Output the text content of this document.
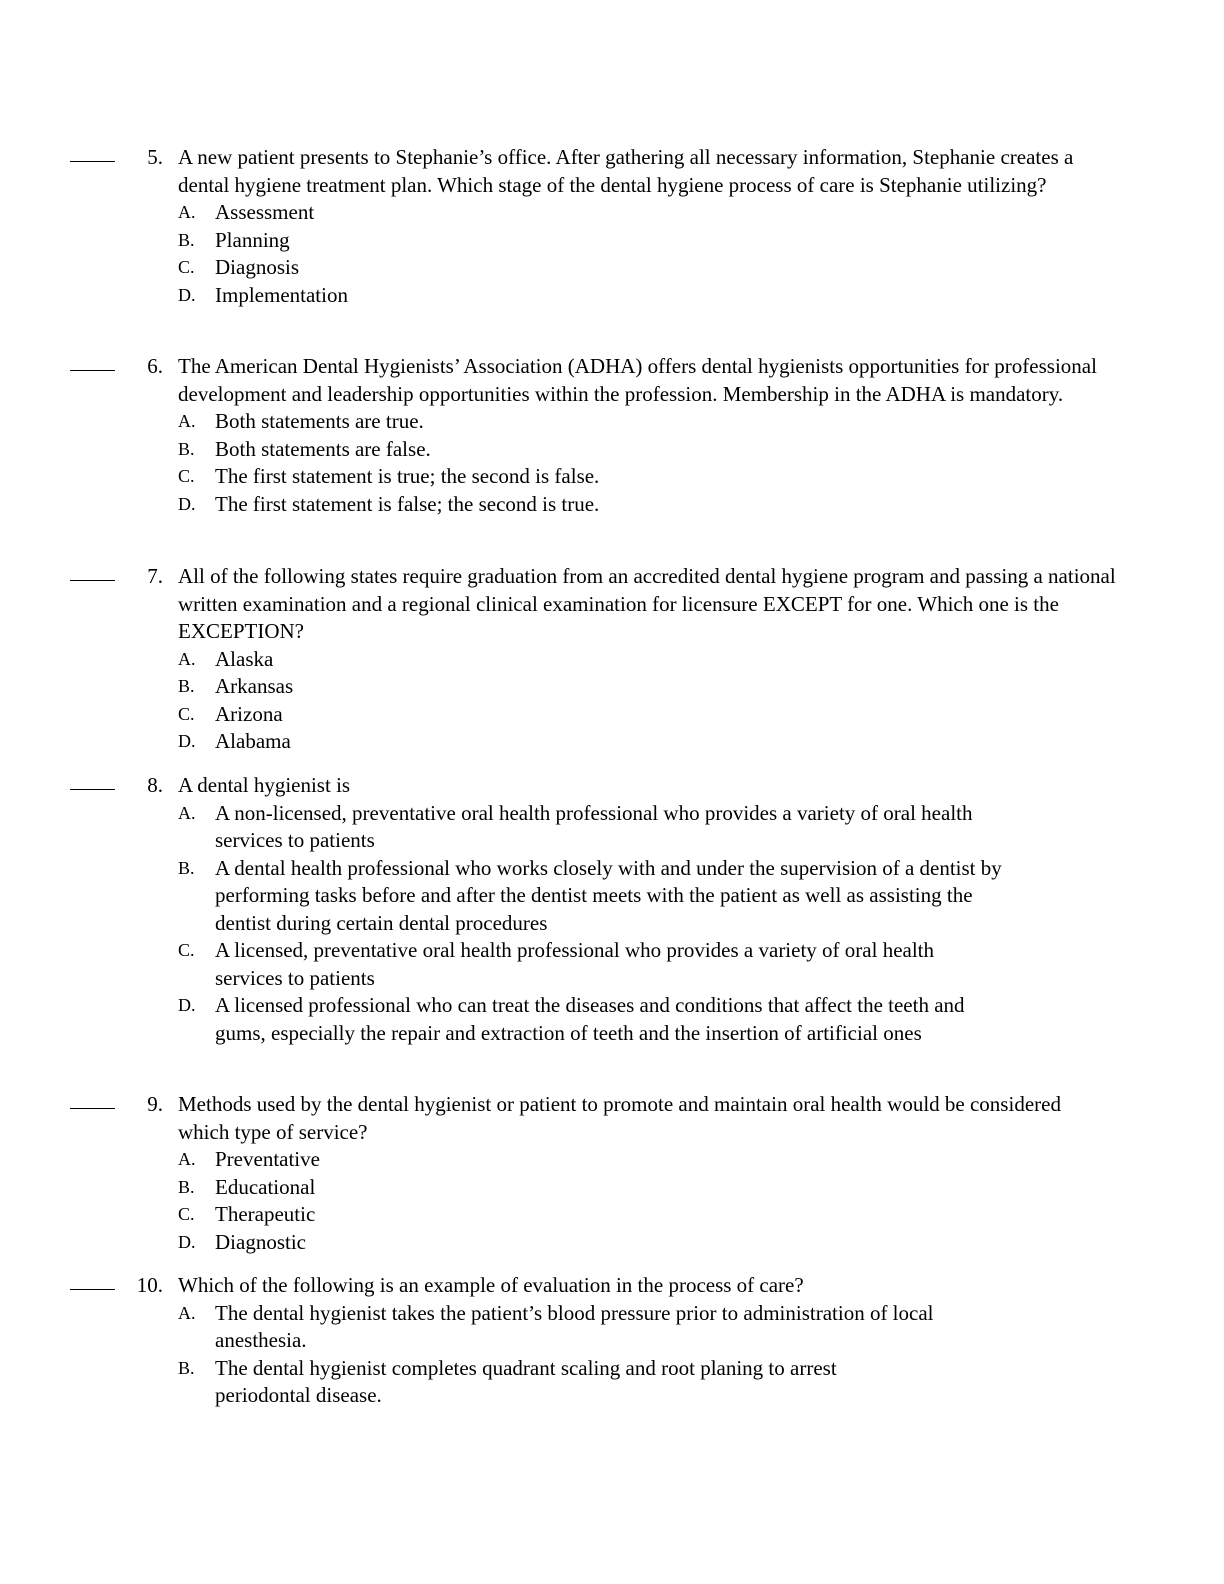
5. A new patient presents to Stephanie’s office. After gathering all necessary information, Stephanie creates a dental hygiene treatment plan. Which stage of the dental hygiene process of care is Stephanie utilizing?
A. Assessment
B. Planning
C. Diagnosis
D. Implementation
6. The American Dental Hygienists’ Association (ADHA) offers dental hygienists opportunities for professional development and leadership opportunities within the profession. Membership in the ADHA is mandatory.
A. Both statements are true.
B. Both statements are false.
C. The first statement is true; the second is false.
D. The first statement is false; the second is true.
7. All of the following states require graduation from an accredited dental hygiene program and passing a national written examination and a regional clinical examination for licensure EXCEPT for one. Which one is the EXCEPTION?
A. Alaska
B. Arkansas
C. Arizona
D. Alabama
8. A dental hygienist is
A. A non-licensed, preventative oral health professional who provides a variety of oral health services to patients
B. A dental health professional who works closely with and under the supervision of a dentist by performing tasks before and after the dentist meets with the patient as well as assisting the dentist during certain dental procedures
C. A licensed, preventative oral health professional who provides a variety of oral health services to patients
D. A licensed professional who can treat the diseases and conditions that affect the teeth and gums, especially the repair and extraction of teeth and the insertion of artificial ones
9. Methods used by the dental hygienist or patient to promote and maintain oral health would be considered which type of service?
A. Preventative
B. Educational
C. Therapeutic
D. Diagnostic
10. Which of the following is an example of evaluation in the process of care?
A. The dental hygienist takes the patient’s blood pressure prior to administration of local anesthesia.
B. The dental hygienist completes quadrant scaling and root planing to arrest periodontal disease.
